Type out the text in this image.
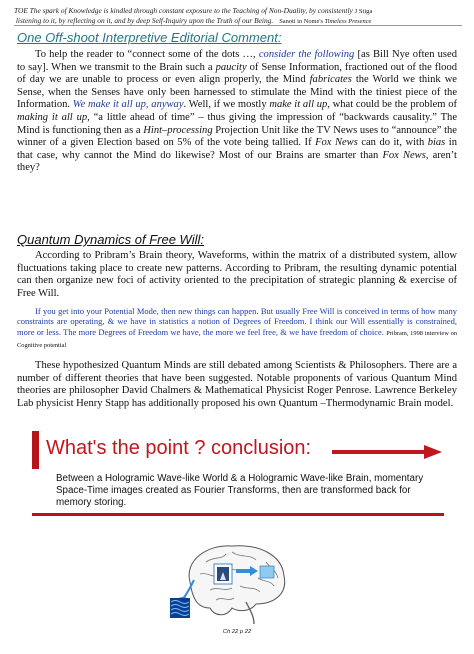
TOE The spark of Knowledge is kindled through constant exposure to the Teaching of Non-Duality, by consistently J Stiga
listening to it, by reflecting on it, and by deep Self-Inquiry upon the Truth of our Being. Sanoti in Nome's Timeless Presence
One Off-shoot Interpretive Editorial Comment:

To help the reader to “connect some of the dots …, consider the following [as Bill Nye often used to say]. When we transmit to the Brain such a paucity of Sense Information, fractioned out of the flood of day we are unable to process or even align properly, the Mind fabricates the World we think we Sense, when the Senses have only been harnessed to stimulate the Mind with the tiniest piece of the Information. We make it all up, anyway. Well, if we mostly make it all up, what could be the problem of making it all up, “a little ahead of time” – thus giving the impression of “backwards causality.” The Mind is functioning then as a Hint–processing Projection Unit like the TV News uses to “announce” the winner of a given Election based on 5% of the vote being tallied. If Fox News can do it, with bias in that case, why cannot the Mind do likewise? Most of our Brains are smarter than Fox News, aren’t they?

Quantum Dynamics of Free Will:

According to Pribram’s Brain theory, Waveforms, within the matrix of a distributed system, allow fluctuations taking place to create new patterns. According to Pribram, the resulting dynamic potential can then organize new foci of activity oriented to the precipitation of strategic planning & exercise of Free Will.

If you get into your Potential Mode, then new things can happen. But usually Free Will is conceived in terms of how many constraints are operating, & we have in statistics a notion of Degrees of Freedom. I think our Will essentially is constrained, more or less. The more Degrees of Freedom we have, the more we feel free, & we have freedom of choice. Pribram, 1998 interview on Cognitive potential

These hypothesized Quantum Minds are still debated among Scientists & Philosophers. There are a number of different theories that have been suggested. Notable proponents of various Quantum Mind theories are philosopher David Chalmers & Mathematical Physicist Roger Penrose. Lawrence Berkeley Lab physicist Henry Stapp has additionally proposed his own Quantum –Thermodynamic Brain model.

What's the point ? conclusion:
Between a Hologramic Wave-like World & a Hologramic Wave-like Brain, momentary Space-Time images created as Fourier Transforms, then are transformed back for memory storing.
Ch 22 p 22
